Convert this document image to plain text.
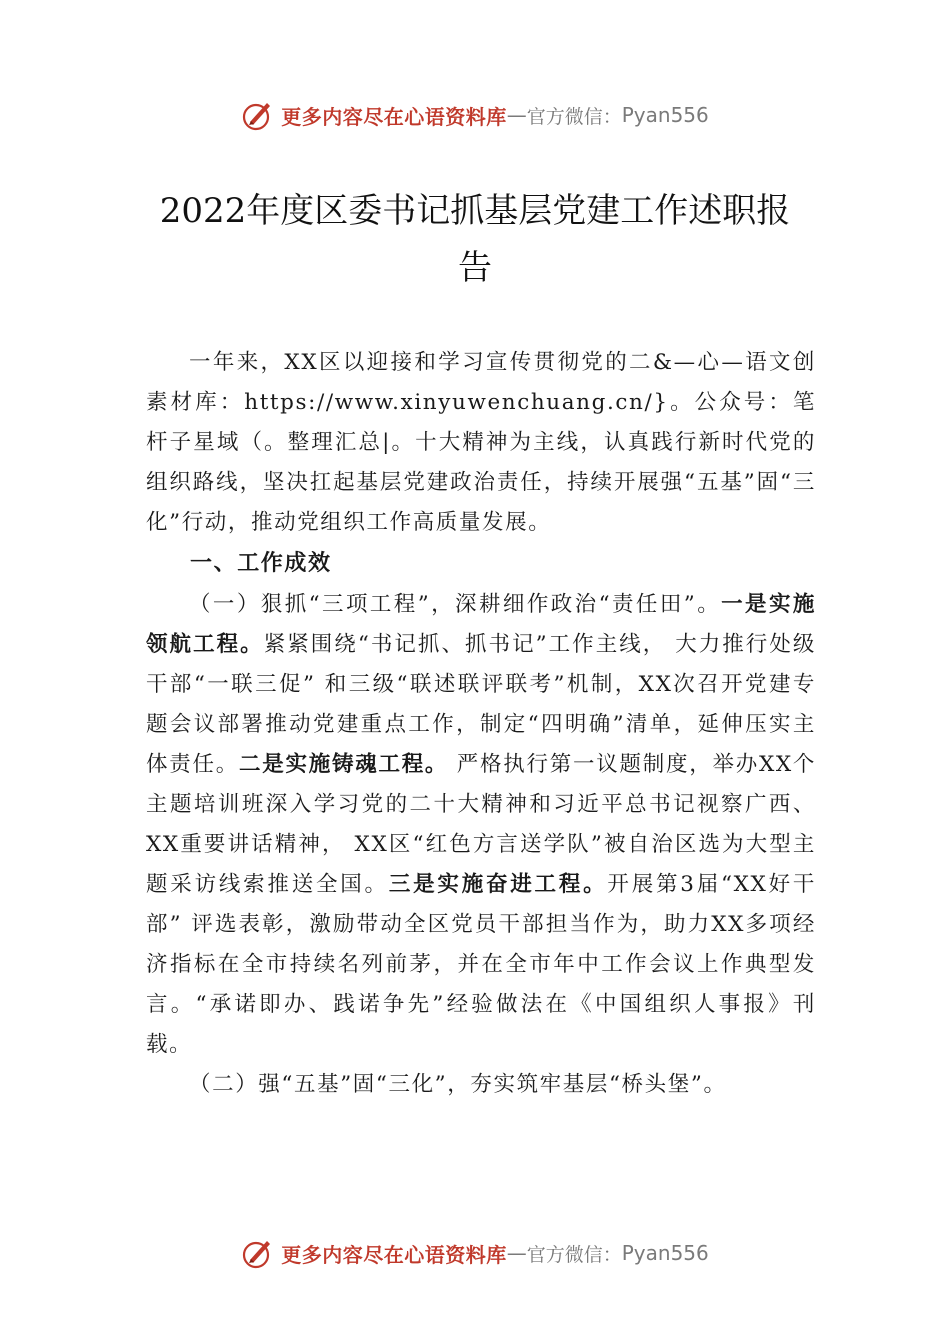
更多内容尽在心语资料库 — 官方微信： Pyan556
2022年度区委书记抓基层党建工作述职报告

一年来，XX区以迎接和学习宣传贯彻党的二&—心—语文创素材库：https://www.xinyuwenchuang.cn/}。公众号：笔杆子星域（。整理汇总|。十大精神为主线，认真践行新时代党的组织路线，坚决扛起基层党建政治责任，持续开展强“五基”固“三化”行动，推动党组织工作高质量发展。

一、工作成效

（一）狠抓“三项工程”，深耕细作政治“责任田”。一是实施领航工程。紧紧围绕“书记抓、抓书记”工作主线， 大力推行处级干部“一联三促” 和三级“联述联评联考”机制，XX次召开党建专题会议部署推动党建重点工作，制定“四明确”清单，延伸压实主体责任。二是实施铸魂工程。 严格执行第一议题制度，举办XX个主题培训班深入学习党的二十大精神和习近平总书记视察广西、XX重要讲话精神， XX区“红色方言送学队”被自治区选为大型主题采访线索推送全国。三是实施奋进工程。开展第3届“XX好干部” 评选表彰，激励带动全区党员干部担当作为，助力XX多项经济指标在全市持续名列前茅，并在全市年中工作会议上作典型发言。“承诺即办、践诺争先”经验做法在《中国组织人事报》刊载。

（二）强“五基”固“三化”，夯实筑牢基层“桥头堡”。

更多内容尽在心语资料库 — 官方微信： Pyan556
